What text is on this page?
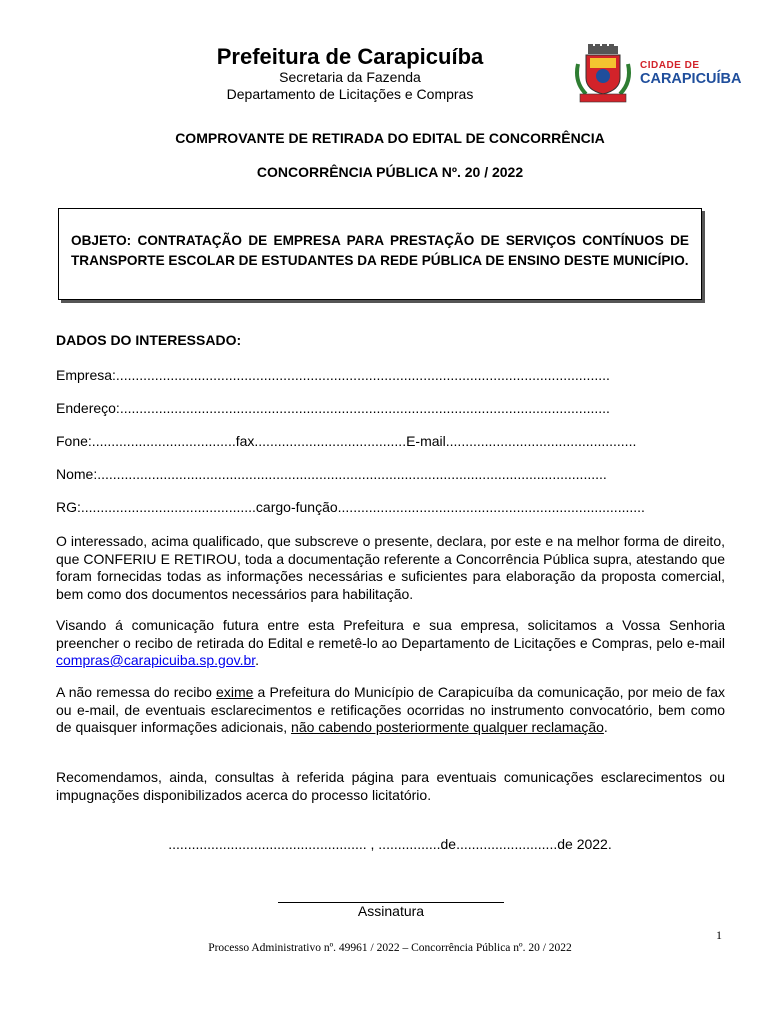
Prefeitura de Carapicuíba
Secretaria da Fazenda
Departamento de Licitações e Compras
CIDADE DE
CARAPICUÍBA
COMPROVANTE DE RETIRADA DO EDITAL DE CONCORRÊNCIA
CONCORRÊNCIA PÚBLICA Nº. 20 / 2022
OBJETO: CONTRATAÇÃO DE EMPRESA PARA PRESTAÇÃO DE SERVIÇOS CONTÍNUOS DE TRANSPORTE ESCOLAR DE ESTUDANTES DA REDE PÚBLICA DE ENSINO DESTE MUNICÍPIO.
DADOS DO INTERESSADO:
Empresa:...............................................................................................................................
Endereço:..............................................................................................................................
Fone:.....................................fax.......................................E-mail.................................................
Nome:...................................................................................................................................
RG:.............................................cargo-função...............................................................................
O interessado, acima qualificado, que subscreve o presente, declara, por este e na melhor forma de direito, que CONFERIU E RETIROU, toda a documentação referente a Concorrência Pública supra, atestando que foram fornecidas todas as informações necessárias e suficientes para elaboração da proposta comercial, bem como dos documentos necessários para habilitação.
Visando á comunicação futura entre esta Prefeitura e sua empresa, solicitamos a Vossa Senhoria preencher o recibo de retirada do Edital e remetê-lo ao Departamento de Licitações e Compras, pelo e-mail compras@carapicuiba.sp.gov.br.
A não remessa do recibo exime a Prefeitura do Município de Carapicuíba da comunicação, por meio de fax ou e-mail, de eventuais esclarecimentos e retificações ocorridas no instrumento convocatório, bem como de quaisquer informações adicionais, não cabendo posteriormente qualquer reclamação.
Recomendamos, ainda, consultas à referida página para eventuais comunicações esclarecimentos ou impugnações disponibilizados acerca do processo licitatório.
................................................... , ................de..........................de 2022.
Assinatura
1
Processo Administrativo nº. 49961 / 2022 – Concorrência Pública nº. 20 / 2022
